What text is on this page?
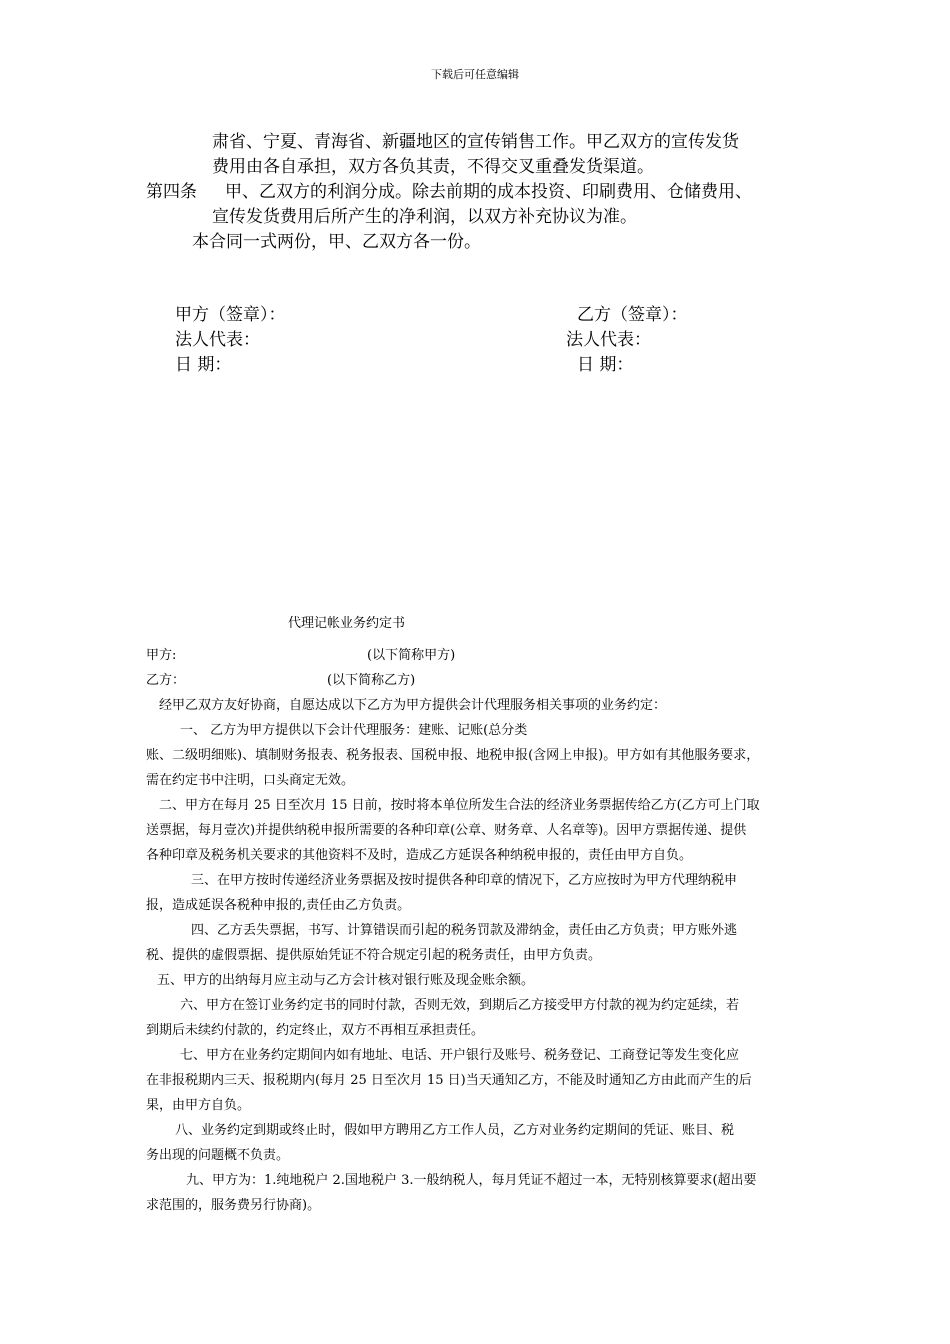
下载后可任意编辑
肃省、宁夏、青海省、新疆地区的宣传销售工作。甲乙双方的宣传发货
费用由各自承担，双方各负其责，不得交叉重叠发货渠道。
第四条 甲、乙双方的利润分成。除去前期的成本投资、印刷费用、仓储费用、
宣传发货费用后所产生的净利润，以双方补充协议为准。
本合同一式两份，甲、乙双方各一份。
甲方（签章）：	乙方（签章）：
法人代表：	法人代表：
日 期：	日 期：
代理记帐业务约定书
甲方:	(以下简称甲方)
乙方：	(以下简称乙方)
经甲乙双方友好协商，自愿达成以下乙方为甲方提供会计代理服务相关事项的业务约定：
一、 乙方为甲方提供以下会计代理服务：建账、记账(总分类
账、二级明细账)、填制财务报表、税务报表、国税申报、地税申报(含网上申报)。甲方如有其他服务要求，
需在约定书中注明，口头商定无效。
二、甲方在每月 25 日至次月 15 日前，按时将本单位所发生合法的经济业务票据传给乙方(乙方可上门取
送票据，每月壹次)并提供纳税申报所需要的各种印章(公章、财务章、人名章等)。因甲方票据传递、提供
各种印章及税务机关要求的其他资料不及时，造成乙方延误各种纳税申报的，责任由甲方自负。
三、在甲方按时传递经济业务票据及按时提供各种印章的情况下，乙方应按时为甲方代理纳税申
报，造成延误各税种申报的,责任由乙方负责。
四、乙方丢失票据，书写、计算错误而引起的税务罚款及滞纳金，责任由乙方负责；甲方账外逃
税、提供的虚假票据、提供原始凭证不符合规定引起的税务责任，由甲方负责。
五、甲方的出纳每月应主动与乙方会计核对银行账及现金账余额。
六、甲方在签订业务约定书的同时付款，否则无效，到期后乙方接受甲方付款的视为约定延续，若
到期后未续约付款的，约定终止，双方不再相互承担责任。
七、甲方在业务约定期间内如有地址、电话、开户银行及账号、税务登记、工商登记等发生变化应
在非报税期内三天、报税期内(每月 25 日至次月 15 日)当天通知乙方，不能及时通知乙方由此而产生的后
果，由甲方自负。
八、业务约定到期或终止时，假如甲方聘用乙方工作人员，乙方对业务约定期间的凭证、账目、税
务出现的问题概不负责。
九、甲方为：1.纯地税户 2.国地税户 3.一般纳税人，每月凭证不超过一本，无特别核算要求(超出要
求范围的，服务费另行协商)。
